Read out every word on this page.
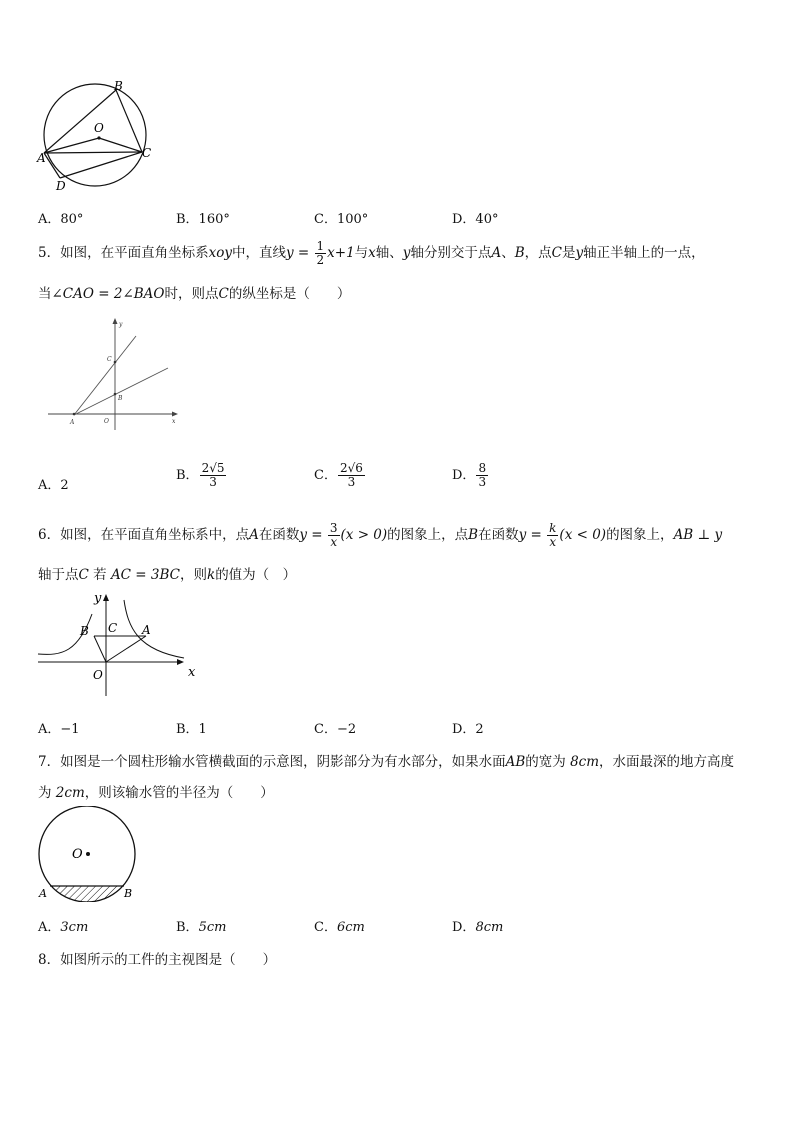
B
O
A	C
D
A．80°	B．160°	C．100°	D．40°
5．如图，在平面直角坐标系xoy中，直线$y = \frac{1}{2} x+1$与x轴、y轴分别交于点A、B，点C是y轴正半轴上的一点，
当∠CAO = 2∠BAO时，则点C的纵坐标是（　　）
y
C
B
A	O	x
A．2
B． $\frac{2√5}{3}$	C． $\frac{2√6}{3}$	D． $\frac{8}{3}$
6．如图，在平面直角坐标系中，点A在函数$y = \frac{3}{x} (x > 0)$的图象上，点B在函数$y = \frac{k}{x} (x < 0)$的图象上，AB ⊥ y
轴于点C 若 AC = 3BC，则k的值为（　）
y
B C A
O	x
A．−1	B．1	C．−2	D．2
7．如图是一个圆柱形输水管横截面的示意图，阴影部分为有水部分，如果水面AB的宽为 8cm，水面最深的地方高度
为 2cm，则该输水管的半径为（　　）
O
A	B
A．3cm	B．5cm	C．6cm	D．8cm
8．如图所示的工件的主视图是（　　）
